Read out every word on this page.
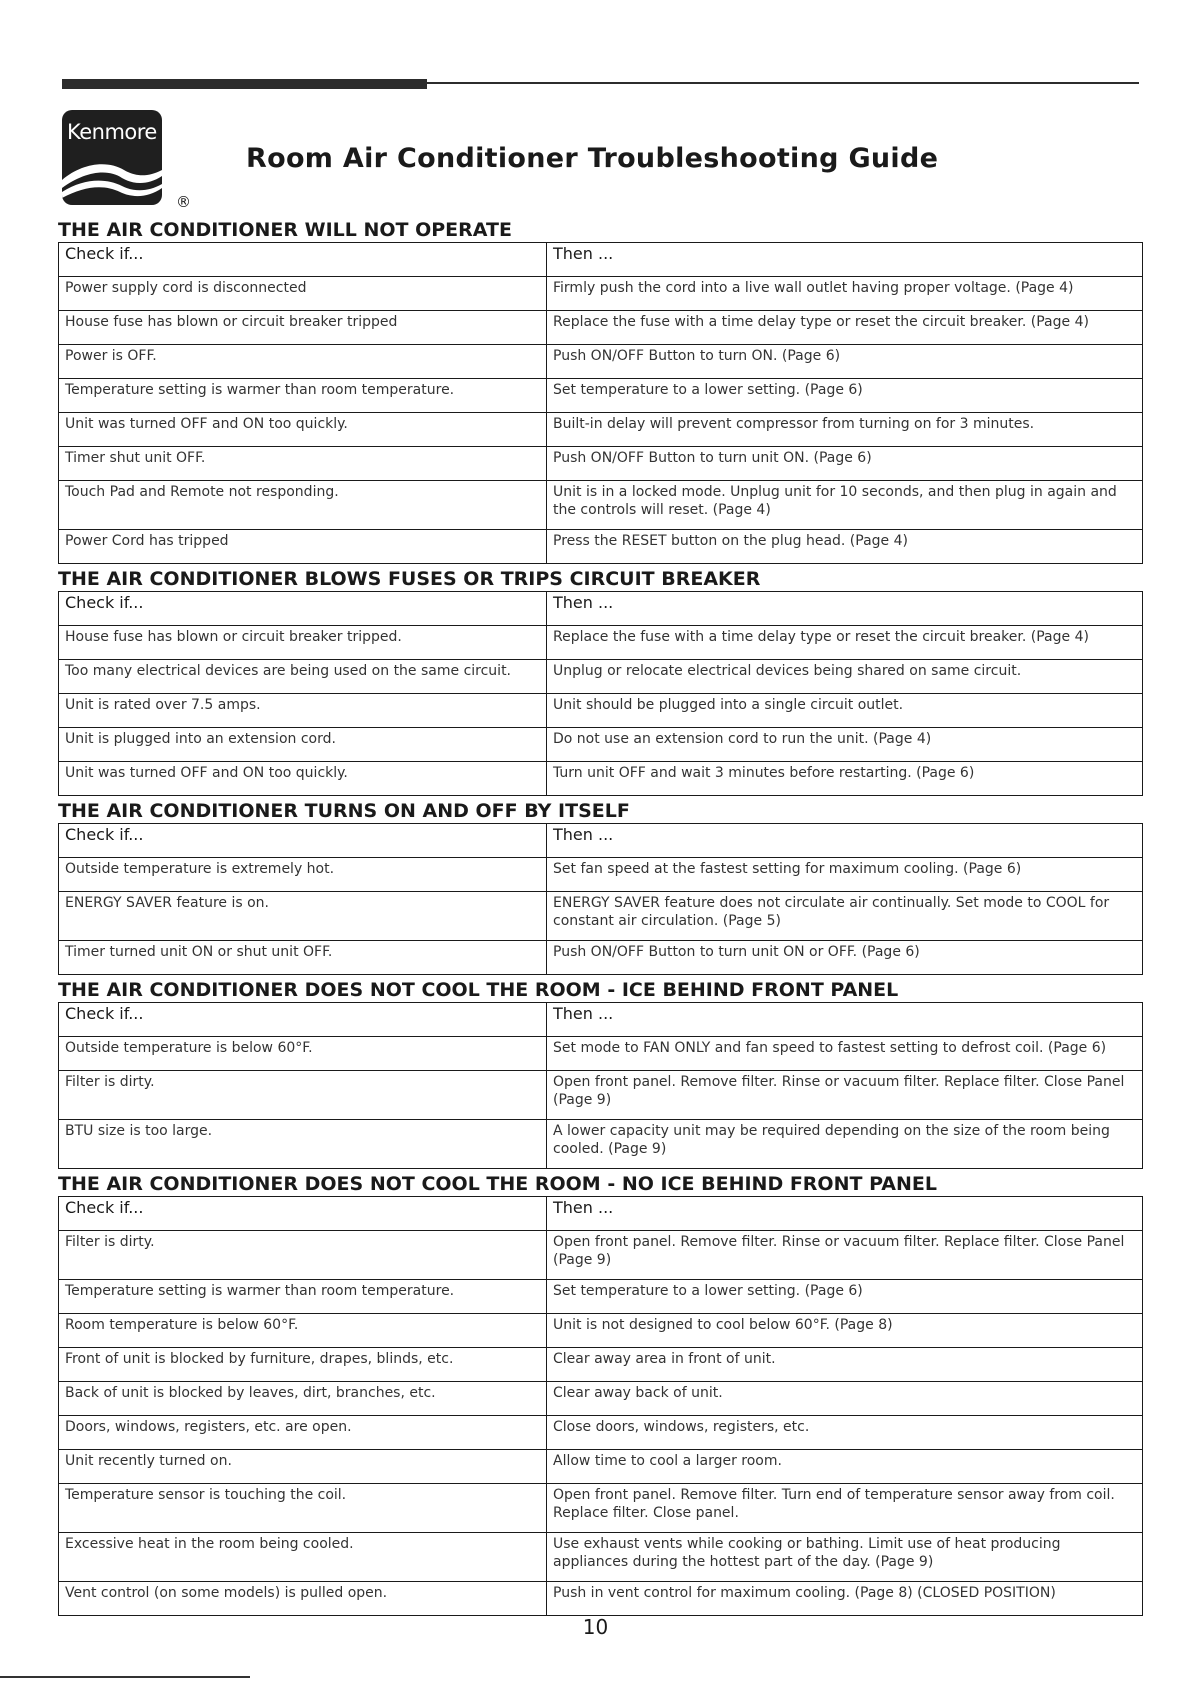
Kenmore
®
Room Air Conditioner Troubleshooting Guide
THE AIR CONDITIONER WILL NOT OPERATE
Check if...	Then ...
Power supply cord is disconnected	Firmly push the cord into a live wall outlet having proper voltage. (Page 4)
House fuse has blown or circuit breaker tripped	Replace the fuse with a time delay type or reset the circuit breaker. (Page 4)
Power is OFF.	Push ON/OFF Button to turn ON. (Page 6)
Temperature setting is warmer than room temperature.	Set temperature to a lower setting. (Page 6)
Unit was turned OFF and ON too quickly.	Built-in delay will prevent compressor from turning on for 3 minutes.
Timer shut unit OFF.	Push ON/OFF Button to turn unit ON. (Page 6)
Touch Pad and Remote not responding.	Unit is in a locked mode. Unplug unit for 10 seconds, and then plug in again and the controls will reset. (Page 4)
Power Cord has tripped	Press the RESET button on the plug head. (Page 4)
THE AIR CONDITIONER BLOWS FUSES OR TRIPS CIRCUIT BREAKER
Check if...	Then ...
House fuse has blown or circuit breaker tripped.	Replace the fuse with a time delay type or reset the circuit breaker. (Page 4)
Too many electrical devices are being used on the same circuit.	Unplug or relocate electrical devices being shared on same circuit.
Unit is rated over 7.5 amps.	Unit should be plugged into a single circuit outlet.
Unit is plugged into an extension cord.	Do not use an extension cord to run the unit. (Page 4)
Unit was turned OFF and ON too quickly.	Turn unit OFF and wait 3 minutes before restarting. (Page 6)
THE AIR CONDITIONER TURNS ON AND OFF BY ITSELF
Check if...	Then ...
Outside temperature is extremely hot.	Set fan speed at the fastest setting for maximum cooling. (Page 6)
ENERGY SAVER feature is on.	ENERGY SAVER feature does not circulate air continually. Set mode to COOL for constant air circulation. (Page 5)
Timer turned unit ON or shut unit OFF.	Push ON/OFF Button to turn unit ON or OFF. (Page 6)
THE AIR CONDITIONER DOES NOT COOL THE ROOM - ICE BEHIND FRONT PANEL
Check if...	Then ...
Outside temperature is below 60°F.	Set mode to FAN ONLY and fan speed to fastest setting to defrost coil. (Page 6)
Filter is dirty.	Open front panel. Remove filter. Rinse or vacuum filter. Replace filter. Close Panel (Page 9)
BTU size is too large.	A lower capacity unit may be required depending on the size of the room being cooled. (Page 9)
THE AIR CONDITIONER DOES NOT COOL THE ROOM - NO ICE BEHIND FRONT PANEL
Check if...	Then ...
Filter is dirty.	Open front panel. Remove filter. Rinse or vacuum filter. Replace filter. Close Panel (Page 9)
Temperature setting is warmer than room temperature.	Set temperature to a lower setting. (Page 6)
Room temperature is below 60°F.	Unit is not designed to cool below 60°F. (Page 8)
Front of unit is blocked by furniture, drapes, blinds, etc.	Clear away area in front of unit.
Back of unit is blocked by leaves, dirt, branches, etc.	Clear away back of unit.
Doors, windows, registers, etc. are open.	Close doors, windows, registers, etc.
Unit recently turned on.	Allow time to cool a larger room.
Temperature sensor is touching the coil.	Open front panel. Remove filter. Turn end of temperature sensor away from coil. Replace filter. Close panel.
Excessive heat in the room being cooled.	Use exhaust vents while cooking or bathing. Limit use of heat producing appliances during the hottest part of the day. (Page 9)
Vent control (on some models) is pulled open.	Push in vent control for maximum cooling. (Page 8) (CLOSED POSITION)
10
